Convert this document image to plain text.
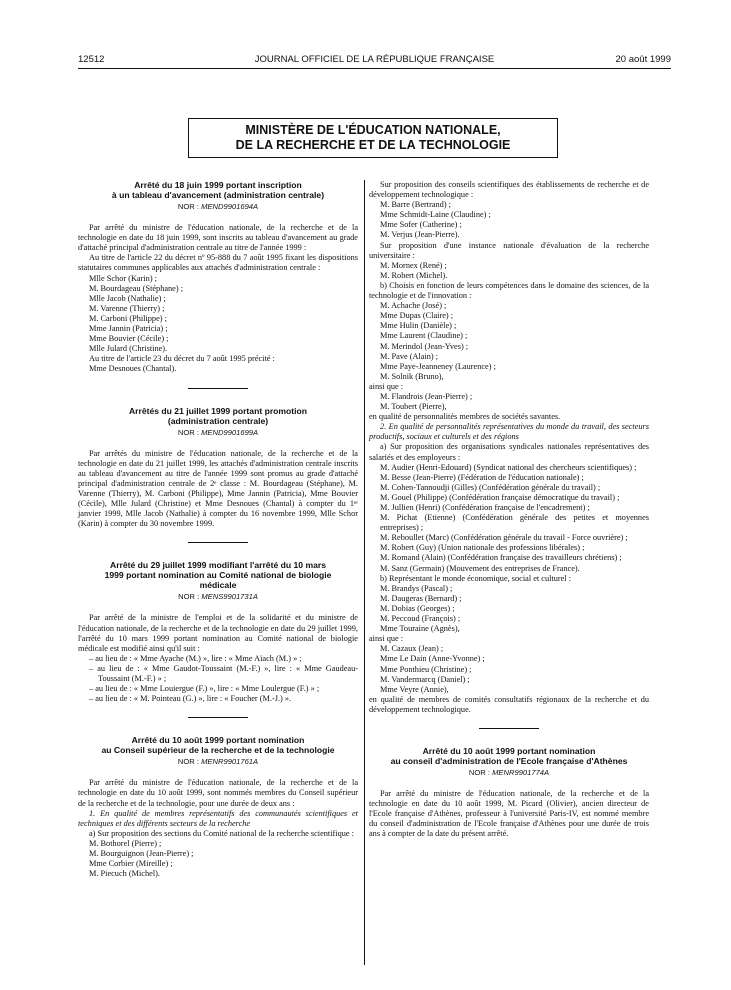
12512	JOURNAL OFFICIEL DE LA RÉPUBLIQUE FRANÇAISE	20 août 1999
MINISTÈRE DE L'ÉDUCATION NATIONALE,
DE LA RECHERCHE ET DE LA TECHNOLOGIE
Arrêté du 18 juin 1999 portant inscription
à un tableau d'avancement (administration centrale)
NOR : MEND9901694A

Par arrêté du ministre de l'éducation nationale, de la recherche et de la technologie en date du 18 juin 1999, sont inscrits au tableau d'avancement au grade d'attaché principal d'administration centrale au titre de l'année 1999 :

Au titre de l'article 22 du décret nº 95-888 du 7 août 1995 fixant les dispositions statutaires communes applicables aux attachés d'administration centrale :

Mlle Schor (Karin) ;
M. Bourdageau (Stéphane) ;
Mlle Jacob (Nathalie) ;
M. Varenne (Thierry) ;
M. Carboni (Philippe) ;
Mme Jannin (Patricia) ;
Mme Bouvier (Cécile) ;
Mlle Julard (Christine).

Au titre de l'article 23 du décret du 7 août 1995 précité :

Mme Desnoues (Chantal).
Arrêtés du 21 juillet 1999 portant promotion
(administration centrale)
NOR : MEND9901699A

Par arrêtés du ministre de l'éducation nationale, de la recherche et de la technologie en date du 21 juillet 1999, les attachés d'administration centrale inscrits au tableau d'avancement au titre de l'année 1999 sont promus au grade d'attaché principal d'administration centrale de 2ᵉ classe : M. Bourdageau (Stéphane), M. Varenne (Thierry), M. Carboni (Philippe), Mme Jannin (Patricia), Mme Bouvier (Cécile), Mlle Julard (Christine) et Mme Desnoues (Chantal) à compter du 1ᵉʳ janvier 1999, Mlle Jacob (Nathalie) à compter du 16 novembre 1999, Mlle Schor (Karin) à compter du 30 novembre 1999.

Arrêté du 29 juillet 1999 modifiant l'arrêté du 10 mars
1999 portant nomination au Comité national de biologie
médicale
NOR : MENS9901731A

Par arrêté de la ministre de l'emploi et de la solidarité et du ministre de l'éducation nationale, de la recherche et de la technologie en date du 29 juillet 1999, l'arrêté du 10 mars 1999 portant nomination au Comité national de biologie médicale est modifié ainsi qu'il suit :

– au lieu de : « Mme Ayache (M.) », lire : « Mme Aïach (M.) » ;
– au lieu de : « Mme Gaudot-Toussaint (M.-F.) », lire : « Mme Gaudeau-Toussaint (M.-F.) » ;
– au lieu de : « Mme Louiergue (F.) », lire : « Mme Loulergue (F.) » ;
– au lieu de : « M. Pointeau (G.) », lire : « Foucher (M.-J.) ».
Arrêté du 10 août 1999 portant nomination
au Conseil supérieur de la recherche et de la technologie
NOR : MENR9901761A

Par arrêté du ministre de l'éducation nationale, de la recherche et de la technologie en date du 10 août 1999, sont nommés membres du Conseil supérieur de la recherche et de la technologie, pour une durée de deux ans :

1. En qualité de membres représentatifs des communautés scientifiques et techniques et des différents secteurs de la recherche

a) Sur proposition des sections du Comité national de la recherche scientifique :

M. Bothorel (Pierre) ;
M. Bourguignon (Jean-Pierre) ;
Mme Corbier (Mireille) ;
M. Piecuch (Michel).

Sur proposition des conseils scientifiques des établissements de recherche et de développement technologique :

M. Barre (Bertrand) ;
Mme Schmidt-Laine (Claudine) ;
Mme Sofer (Catherine) ;
M. Verjus (Jean-Pierre).

Sur proposition d'une instance nationale d'évaluation de la recherche universitaire :

M. Mornex (René) ;
M. Robert (Michel).

b) Choisis en fonction de leurs compétences dans le domaine des sciences, de la technologie et de l'innovation :

M. Achache (José) ;
Mme Dupas (Claire) ;
Mme Hulin (Danièle) ;
Mme Laurent (Claudine) ;
M. Merindol (Jean-Yves) ;
M. Pave (Alain) ;
Mme Paye-Jeanneney (Laurence) ;
M. Solnik (Bruno),
ainsi que :
M. Flandrois (Jean-Pierre) ;
M. Toubert (Pierre),
en qualité de personnalités membres de sociétés savantes.

2. En qualité de personnalités représentatives du monde du travail, des secteurs productifs, sociaux et culturels et des régions

a) Sur proposition des organisations syndicales nationales représentatives des salariés et des employeurs :

M. Audier (Henri-Edouard) (Syndicat national des chercheurs scientifiques) ;
M. Besse (Jean-Pierre) (Fédération de l'éducation nationale) ;
M. Cohen-Tannoudji (Gilles) (Confédération générale du travail) ;
M. Gouel (Philippe) (Confédération française démocratique du travail) ;
M. Jullien (Henri) (Confédération française de l'encadrement) ;
M. Pichat (Etienne) (Confédération générale des petites et moyennes entreprises) ;
M. Reboullet (Marc) (Confédération générale du travail - Force ouvrière) ;
M. Robert (Guy) (Union nationale des professions libérales) ;
M. Romand (Alain) (Confédération française des travailleurs chrétiens) ;
M. Sanz (Germain) (Mouvement des entreprises de France).

b) Représentant le monde économique, social et culturel :

M. Brandys (Pascal) ;
M. Daugeras (Bernard) ;
M. Dobias (Georges) ;
M. Peccoud (François) ;
Mme Touraine (Agnès),
ainsi que :
M. Cazaux (Jean) ;
Mme Le Dain (Anne-Yvonne) ;
Mme Ponthieu (Christine) ;
M. Vandermarcq (Daniel) ;
Mme Veyre (Annie),

en qualité de membres de comités consultatifs régionaux de la recherche et du développement technologique.

Arrêté du 10 août 1999 portant nomination
au conseil d'administration de l'Ecole française d'Athènes
NOR : MENR9901774A

Par arrêté du ministre de l'éducation nationale, de la recherche et de la technologie en date du 10 août 1999, M. Picard (Olivier), ancien directeur de l'Ecole française d'Athènes, professeur à l'université Paris-IV, est nommé membre du conseil d'administration de l'Ecole française d'Athènes pour une durée de trois ans à compter de la date du présent arrêté.
